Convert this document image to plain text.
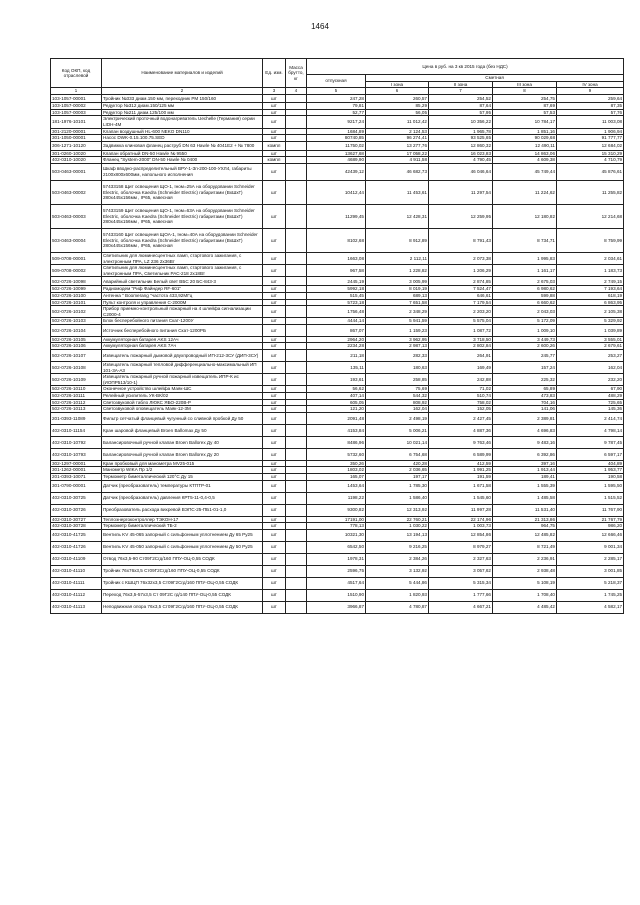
1464
Код ОКП, код отраслевой	Наименование материалов и изделий	Ед. изм.	Масса брутто, кг	Цена в руб. на 3 кв 2015 года (без НДС)				
				отпускная	Сметная			
					I зона	II зона	III зона	IV зона
1	2	3	4	5	6	7	8	9
103-1057-00001	Тройник №333 диам.150 мм, переходник РМ 150/160	шт		247,28	260,57	254,52	254,75	259,64
103-1057-00002	Редуктор №312 диам.150/125 мм	шт		79,81	85,29	87,64	87,69	87,35
103-1057-00003	Редуктор №211 диам.125/100 мм	шт		52,77	56,05	57,95	57,53	57,76
181-1976-10101	Электрический проточный водонагреватель Uechelle (Германия) серии LIDH-4M	шт		9217,24	11 012,42	10 356,22	10 784,17	11 003,08
301-2120-00001	Клапан воздушный HL-600 NEKO DN110	шт		1684,89	2 124,53	1 965,78	1 851,16	1 906,94
301-1050-00001	Насос DWK-0.15.100.75.SED	шт		80740,85	96 274,41	93 525,65	90 029,68	91 777,77
306-1271-10120	Задвижка клиновая фланец раструб DN 63 Hawle № 4041Е2 + № 7800	компл		11750,02	13 277,76	12 860,32	12 490,11	12 684,02
301-0260-10020	Клапан обратный DN-50 Hawle № 9550	шт		13627,68	17 058,22	16 023,83	14 863,06	15 310,29
402-0310-10020	Фланец "System-2000" DN-50 Hawle № 0400	компл		4689,90	4 911,58	4 790,45	4 609,38	4 710,79
503-0463-00001	Шкаф вводно-распределительный ВРУ-1-Зп-200-100-УХЛ4, габариты 2100х800х600мм, напольного исполнения	шт		42439,12	46 682,73	46 046,64	45 749,44	45 876,61
503-0463-00002	57433158 Щит освещения ЩО-1, Iном=25А на оборудовании Schneider Electric, оболочка Kaedra (Schneider Electric) габаритами (ВхШхГ) 280х445х156мм , IP65, навесная	шт		10412,44	11 453,61	11 297,54	11 224,62	11 255,82
503-0463-00003	57433159 Щит освещения ЩО-1, Iном=63А на оборудовании Schneider Electric, оболочка Kaedra (Schneider Electric) габаритами (ВхШхГ) 280х445х156мм , IP65, навесная	шт		11299,45	12 428,31	12 259,95	12 180,82	12 214,68
503-0463-00004	57433160 Щит освещения ЩОА-1, Iном=40А на оборудовании Schneider Electric, оболочка Kaedra (Schneider Electric) габаритами (ВхШхГ) 280х445х156мм , IP65, навесная	шт		8102,68	8 912,89	8 791,43	8 734,71	8 759,99
509-0708-00001	Светильник для люминесцентных ламп, стартового зажигания, с электронным ПРА, LZ 236 2х36Вт	шт		1663,08	2 112,11	2 073,38	1 995,83	2 034,61
509-0708-00002	Светильник для люминесцентных ламп, стартового зажигания, с электронным ПРА, Светильник РАС-218 2х18Вт	шт		967,58	1 228,82	1 206,29	1 161,17	1 183,73
502-0726-10098	Аварийный светильник Белый свет ВБС 20 БС-843-3	шт		2445,19	3 005,99	2 874,85	2 675,03	2 749,15
502-0726-10099	Радиомодем "Риф Файндер RF-601"	шт		5992,18	8 019,19	7 524,47	6 980,62	7 193,64
502-0726-10100	Антенна " Boomerang "частота 433,92МГц	шт		515,45	689,13	646,61	599,88	618,19
502-0726-10101	Пульт контроля и управления С-2000М	шт		5723,18	7 651,58	7 179,54	6 660,62	6 863,95
502-0726-10102	Прибор приемно-контрольный пожарный на 4 шлейфа сигнализации С2000-4	шт		1756,48	2 348,29	2 203,20	2 043,03	2 105,38
502-0726-10103	Блок бесперебойного питания Скат-1200У	шт		4444,14	5 941,59	5 575,04	5 172,09	5 329,92
502-0726-10104	Источник бесперебойного питания Скат-1200РБ	шт		867,07	1 159,23	1 087,72	1 009,10	1 039,89
502-0726-10105	Аккумуляторная батарея AKS 12Ач	шт		2964,20	3 962,95	3 718,50	3 449,73	3 555,01
502-0726-10106	Аккумуляторная батарея AKS 7Ач	шт		2234,28	2 987,13	2 802,84	2 600,26	2 679,61
502-0726-10107	Извещатель пожарный дымовой двухпроводный ИП-212-3СУ (ДИП-3СУ)	шт		211,18	282,33	264,91	245,77	253,27
502-0726-10108	Извещатель пожарный тепловой дифференциально-максимальный ИП 101-3А-А3	шт		135,11	180,63	169,49	157,24	162,04
502-0726-10109	Извещатель пожарный ручной пожарный извещатель ИПР-К ис (ИОПР513/10-1)	шт		193,61	258,85	242,88	225,32	232,20
502-0726-10110	Оконечное устройство шлейфа Маяк-ШС	шт		56,62	75,69	71,02	65,89	67,90
502-0726-10111	Релейный усилитель УК-ВК/02	шт		407,14	544,32	510,74	473,83	488,29
502-0726-10112	Светозвуковой табло ЛЮКС ЯБО-220В-Р	шт		605,05	808,92	758,02	704,16	725,65
502-0726-10113	Светозвуковой оповещатель Маяк-12-3М	шт		121,20	162,04	152,05	141,06	145,36
201-0393-11089	Фильтр сетчатый фланцевый чугунный со сливной пробкой Ду 50	шт		2091,48	2 498,19	2 427,45	2 389,81	2 414,74
402-0310-11154	Кран шаровой фланцевый Broen Ballomax Ду 50	шт		4153,84	5 006,21	4 887,36	4 696,83	4 798,14
402-0310-10792	Балансировочный ручной клапан Broen Ballorex Ду 40	шт		8486,96	10 021,14	9 763,46	9 483,16	9 787,45
402-0310-10793	Балансировочный ручной клапан Broen Ballorex Ду 20	шт		5732,60	6 754,68	6 589,99	6 392,86	6 597,17
302-1297-00001	Кран пробковый для манометра MV25-015	шт		350,26	420,28	412,59	397,16	404,89
301-1262-00001	Манометр WIKA Пр 1/2	шт		1803,02	2 036,65	1 991,25	1 913,44	1 953,77
201-0393-10071	Термометр биметаллический 120°С Ду 15	шт		165,07	197,17	191,59	189,41	190,58
301-0790-00001	Датчик (преобразователь) температуры КТПТР-01	шт		1453,64	1 785,30	1 671,58	1 555,39	1 595,50
402-0310-30725	Датчик (преобразователь) давления КРТ5-11-0,4-0,5	шт		1198,22	1 586,40	1 545,60	1 485,58	1 515,52
402-0310-30726	Преобразователь расхода вихревой ВЭПС-25-ПБ1-01-1,0	шт		9300,82	12 313,92	11 997,28	11 531,40	11 767,90
402-0310-30727	Теплоэнергоконтроллер ТЭКОН-17	шт		17191,00	22 760,21	22 174,96	21 313,86	21 767,79
402-0310-30728	Термометр биметаллический ТБ-2	шт		778,13	1 030,22	1 003,73	964,75	986,20
402-0310-41725	Вентиль KV 45-065 запорный с сильфонным уплотнением Ду 65 Ру25	шт		10321,30	13 194,13	12 854,86	12 485,82	12 666,46
402-0310-41726	Вентиль KV 45-050 запорный с сильфонным уплотнением Ду 50 Ру25	шт		6542,50	9 216,25	8 979,27	8 721,49	9 001,34
402-0310-41109	Отвод 76х3,5-90 Ст09Г2Сгд/160 ППУ-ОЦ-0,55 СОДК	шт		1978,31	2 384,26	2 327,63	2 236,91	2 285,17
402-0310-41110	Тройник 76х76х3,5 Ст09Г2Сгд/160 ППУ-ОЦ-0,55 СОДК	шт		2596,75	3 132,92	3 057,62	2 938,48	3 001,85
402-0310-41111	Тройник с КШЦП 76х32х3,5 Ст09Г2Сгд/160 ППУ-ОЦ-0,55 СОДК	шт		4517,64	5 444,86	5 315,34	5 108,19	5 218,37
402-0310-41112	Переход 76х3,5-57х3,5 Ст 09Г2С гд/140 ППУ-ОЦ-0,55 СОДК	шт		1510,90	1 820,93	1 777,66	1 708,40	1 745,25
402-0310-41113	Неподвижная опора 76х3,5 Ст09Г2Сгд/160 ППУ-ОЦ-0,55 СОДК	шт		3966,87	4 780,87	4 667,21	4 485,42	4 582,17
